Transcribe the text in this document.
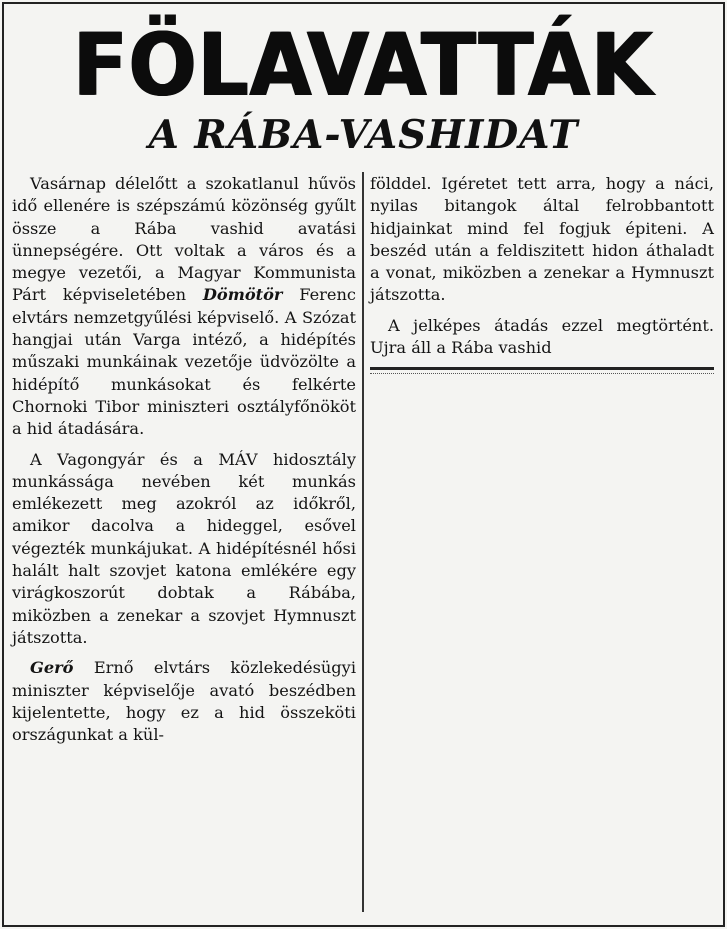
FÖLAVATTÁK
A RÁBA-VASHIDAT

Vasárnap délelőtt a szokatlanul hűvös idő ellenére is szépszámú közönség gyűlt össze a Rába vashid avatási ünnepségére. Ott voltak a város és a megye vezetői, a Magyar Kommunista Párt képviseletében Dömötör Ferenc elvtárs nemzetgyűlési képviselő. A Szózat hangjai után Varga intéző, a hidépítés műszaki munkáinak vezetője üdvözölte a hidépítő munkásokat és felkérte Chornoki Tibor miniszteri osztályfőnököt a hid átadására.

A Vagongyár és a MÁV hidosztály munkássága nevében két munkás emlékezett meg azokról az időkről, amikor dacolva a hideggel, esővel végezték munkájukat. A hidépítésnél hősi halált halt szovjet katona emlékére egy virágkoszorút dobtak a Rábába, miközben a zenekar a szovjet Hymnuszt játszotta.

Gerő Ernő elvtárs közlekedésügyi miniszter képviselője avató beszédben kijelentette, hogy ez a hid összeköti országunkat a kül-

földdel. Igéretet tett arra, hogy a náci, nyilas bitangok által felrobbantott hidjainkat mind fel fogjuk épiteni. A beszéd után a feldiszitett hidon áthaladt a vonat, miközben a zenekar a Hymnuszt játszotta.

A jelképes átadás ezzel megtörtént. Ujra áll a Rába vashid
